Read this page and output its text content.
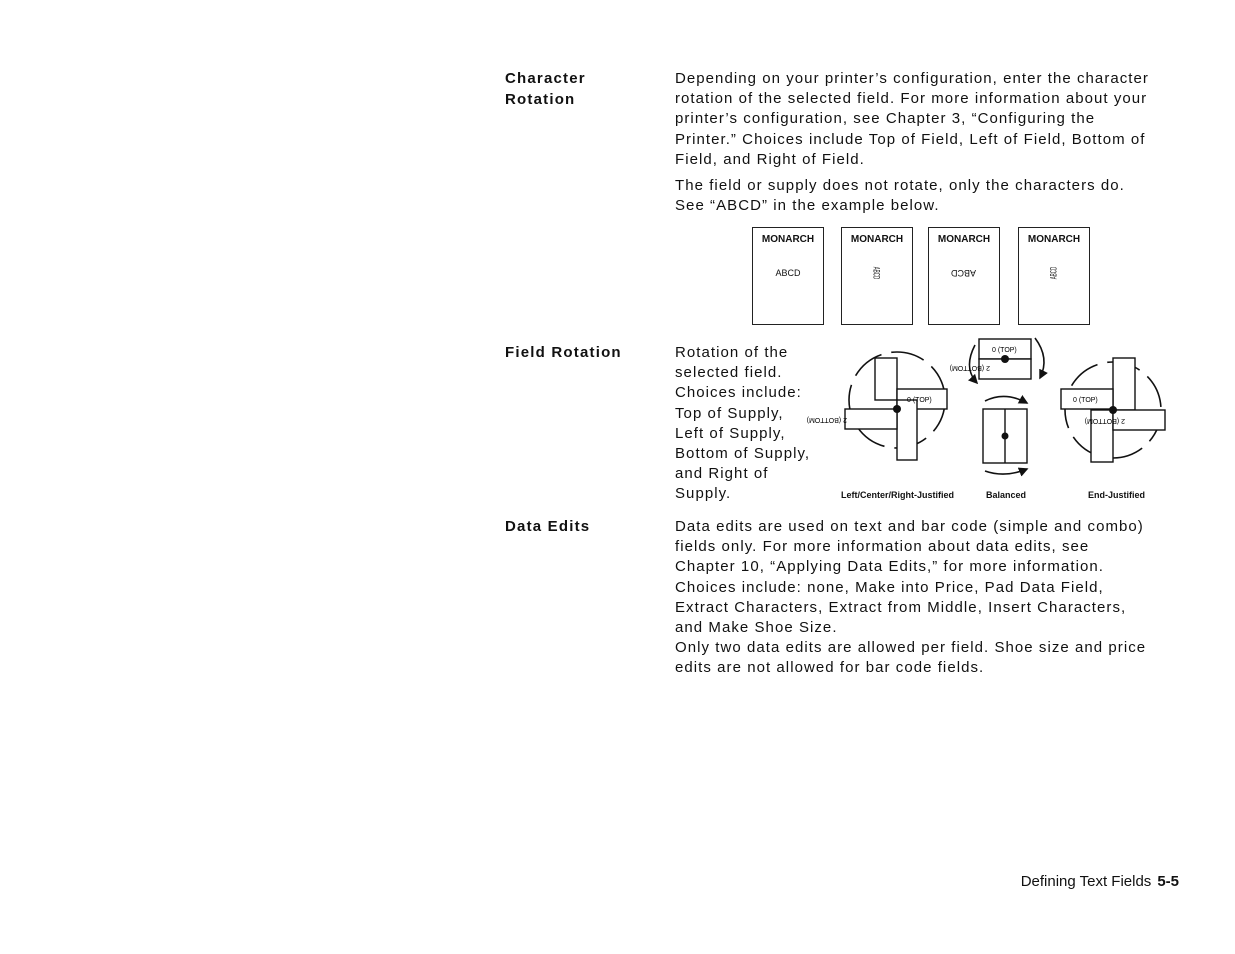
Character
Rotation

Depending on your printer’s configuration, enter the character

rotation of the selected field. For more information about your

printer’s configuration, see Chapter 3, “Configuring the

Printer.” Choices include Top of Field, Left of Field, Bottom of

Field, and Right of Field.

The field or supply does not rotate, only the characters do.

See “ABCD” in the example below.

MONARCH
ABCD
MONARCH
ABCD
MONARCH
ABCD
MONARCH
ABCD
Field Rotation	Rotation of the

selected field.

Choices include:

Top of Supply,

Left of Supply,

Bottom of Supply,

and Right of

Supply.

0 (TOP)
2 (BOTTOM)
0 (TOP)
2 (BOTTOM)
0 (TOP)
2 (BOTTOM)
Left/Center/Right-Justified	Balanced	End-Justified
Data Edits	Data edits are used on text and bar code (simple and combo)

fields only. For more information about data edits, see

Chapter 10, “Applying Data Edits,” for more information.

Choices include: none, Make into Price, Pad Data Field,

Extract Characters, Extract from Middle, Insert Characters,

and Make Shoe Size.

Only two data edits are allowed per field. Shoe size and price

edits are not allowed for bar code fields.

Defining Text Fields 5-5
